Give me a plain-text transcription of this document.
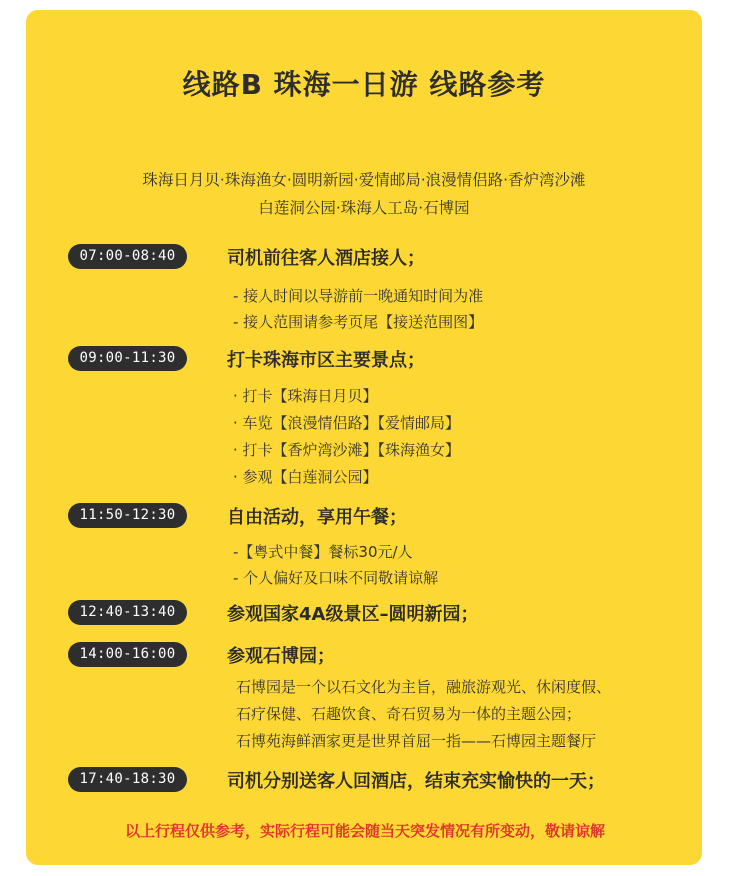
线路B 珠海一日游 线路参考
珠海日月贝·珠海渔女·圆明新园·爱情邮局·浪漫情侣路·香炉湾沙滩
白莲洞公园·珠海人工岛·石博园
07:00-08:40	司机前往客人酒店接人；
- 接人时间以导游前一晚通知时间为准
- 接人范围请参考页尾【接送范围图】
09:00-11:30	打卡珠海市区主要景点；
· 打卡【珠海日月贝】
· 车览【浪漫情侣路】【爱情邮局】
· 打卡【香炉湾沙滩】【珠海渔女】
· 参观【白莲洞公园】
11:50-12:30	自由活动，享用午餐；
-【粤式中餐】餐标30元/人
- 个人偏好及口味不同敬请谅解
12:40-13:40	参观国家4A级景区–圆明新园；
14:00-16:00	参观石博园；
石博园是一个以石文化为主旨，融旅游观光、休闲度假、
石疗保健、石趣饮食、奇石贸易为一体的主题公园；
石博苑海鲜酒家更是世界首屈一指——石博园主题餐厅
17:40-18:30	司机分别送客人回酒店，结束充实愉快的一天；
以上行程仅供参考，实际行程可能会随当天突发情况有所变动，敬请谅解
